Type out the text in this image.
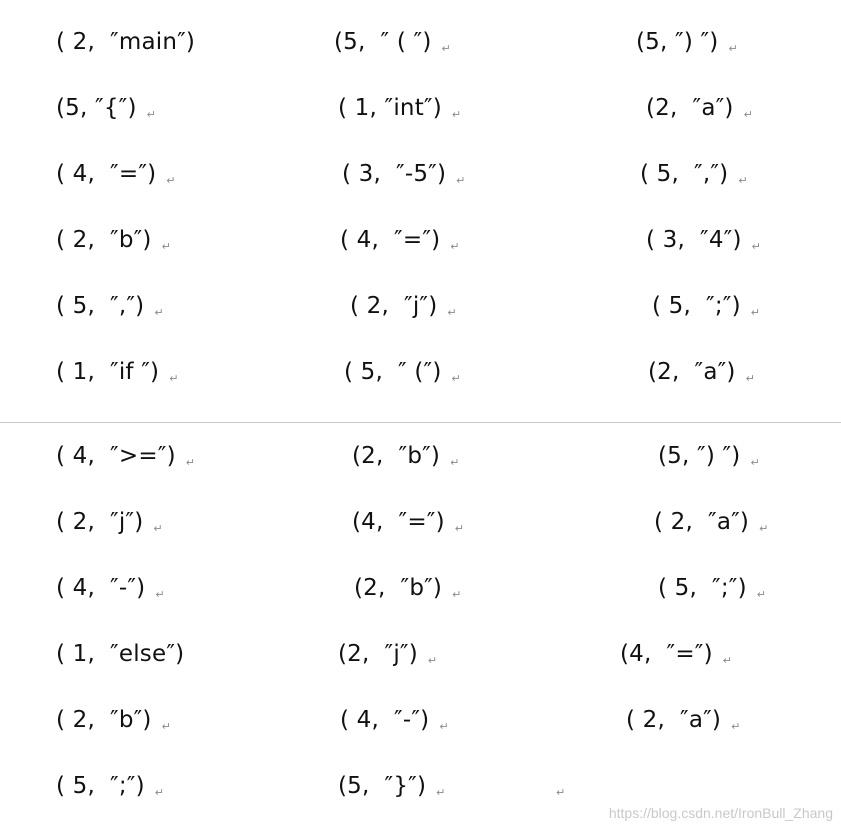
( 2,  ″main″)	(5,  ″ ( ″) ↵	(5, ″) ″) ↵
(5, ″{″) ↵	( 1, ″int″) ↵	(2,  ″a″) ↵
( 4,  ″=″) ↵	( 3,  ″-5″) ↵	( 5,  ″,″) ↵
( 2,  ″b″) ↵	( 4,  ″=″) ↵	( 3,  ″4″) ↵
( 5,  ″,″) ↵	( 2,  ″j″) ↵	( 5,  ″;″) ↵
( 1,  ″if ″) ↵	( 5,  ″ (″) ↵	(2,  ″a″) ↵
( 4,  ″>=″) ↵	(2,  ″b″) ↵	(5, ″) ″) ↵
( 2,  ″j″) ↵	(4,  ″=″) ↵	( 2,  ″a″) ↵
( 4,  ″-″) ↵	(2,  ″b″) ↵	( 5,  ″;″) ↵
( 1,  ″else″)	(2,  ″j″) ↵	(4,  ″=″) ↵
( 2,  ″b″) ↵	( 4,  ″-″) ↵	( 2,  ″a″) ↵
( 5,  ″;″) ↵	(5,  ″}″) ↵	↵
https://blog.csdn.net/IronBull_Zhang
